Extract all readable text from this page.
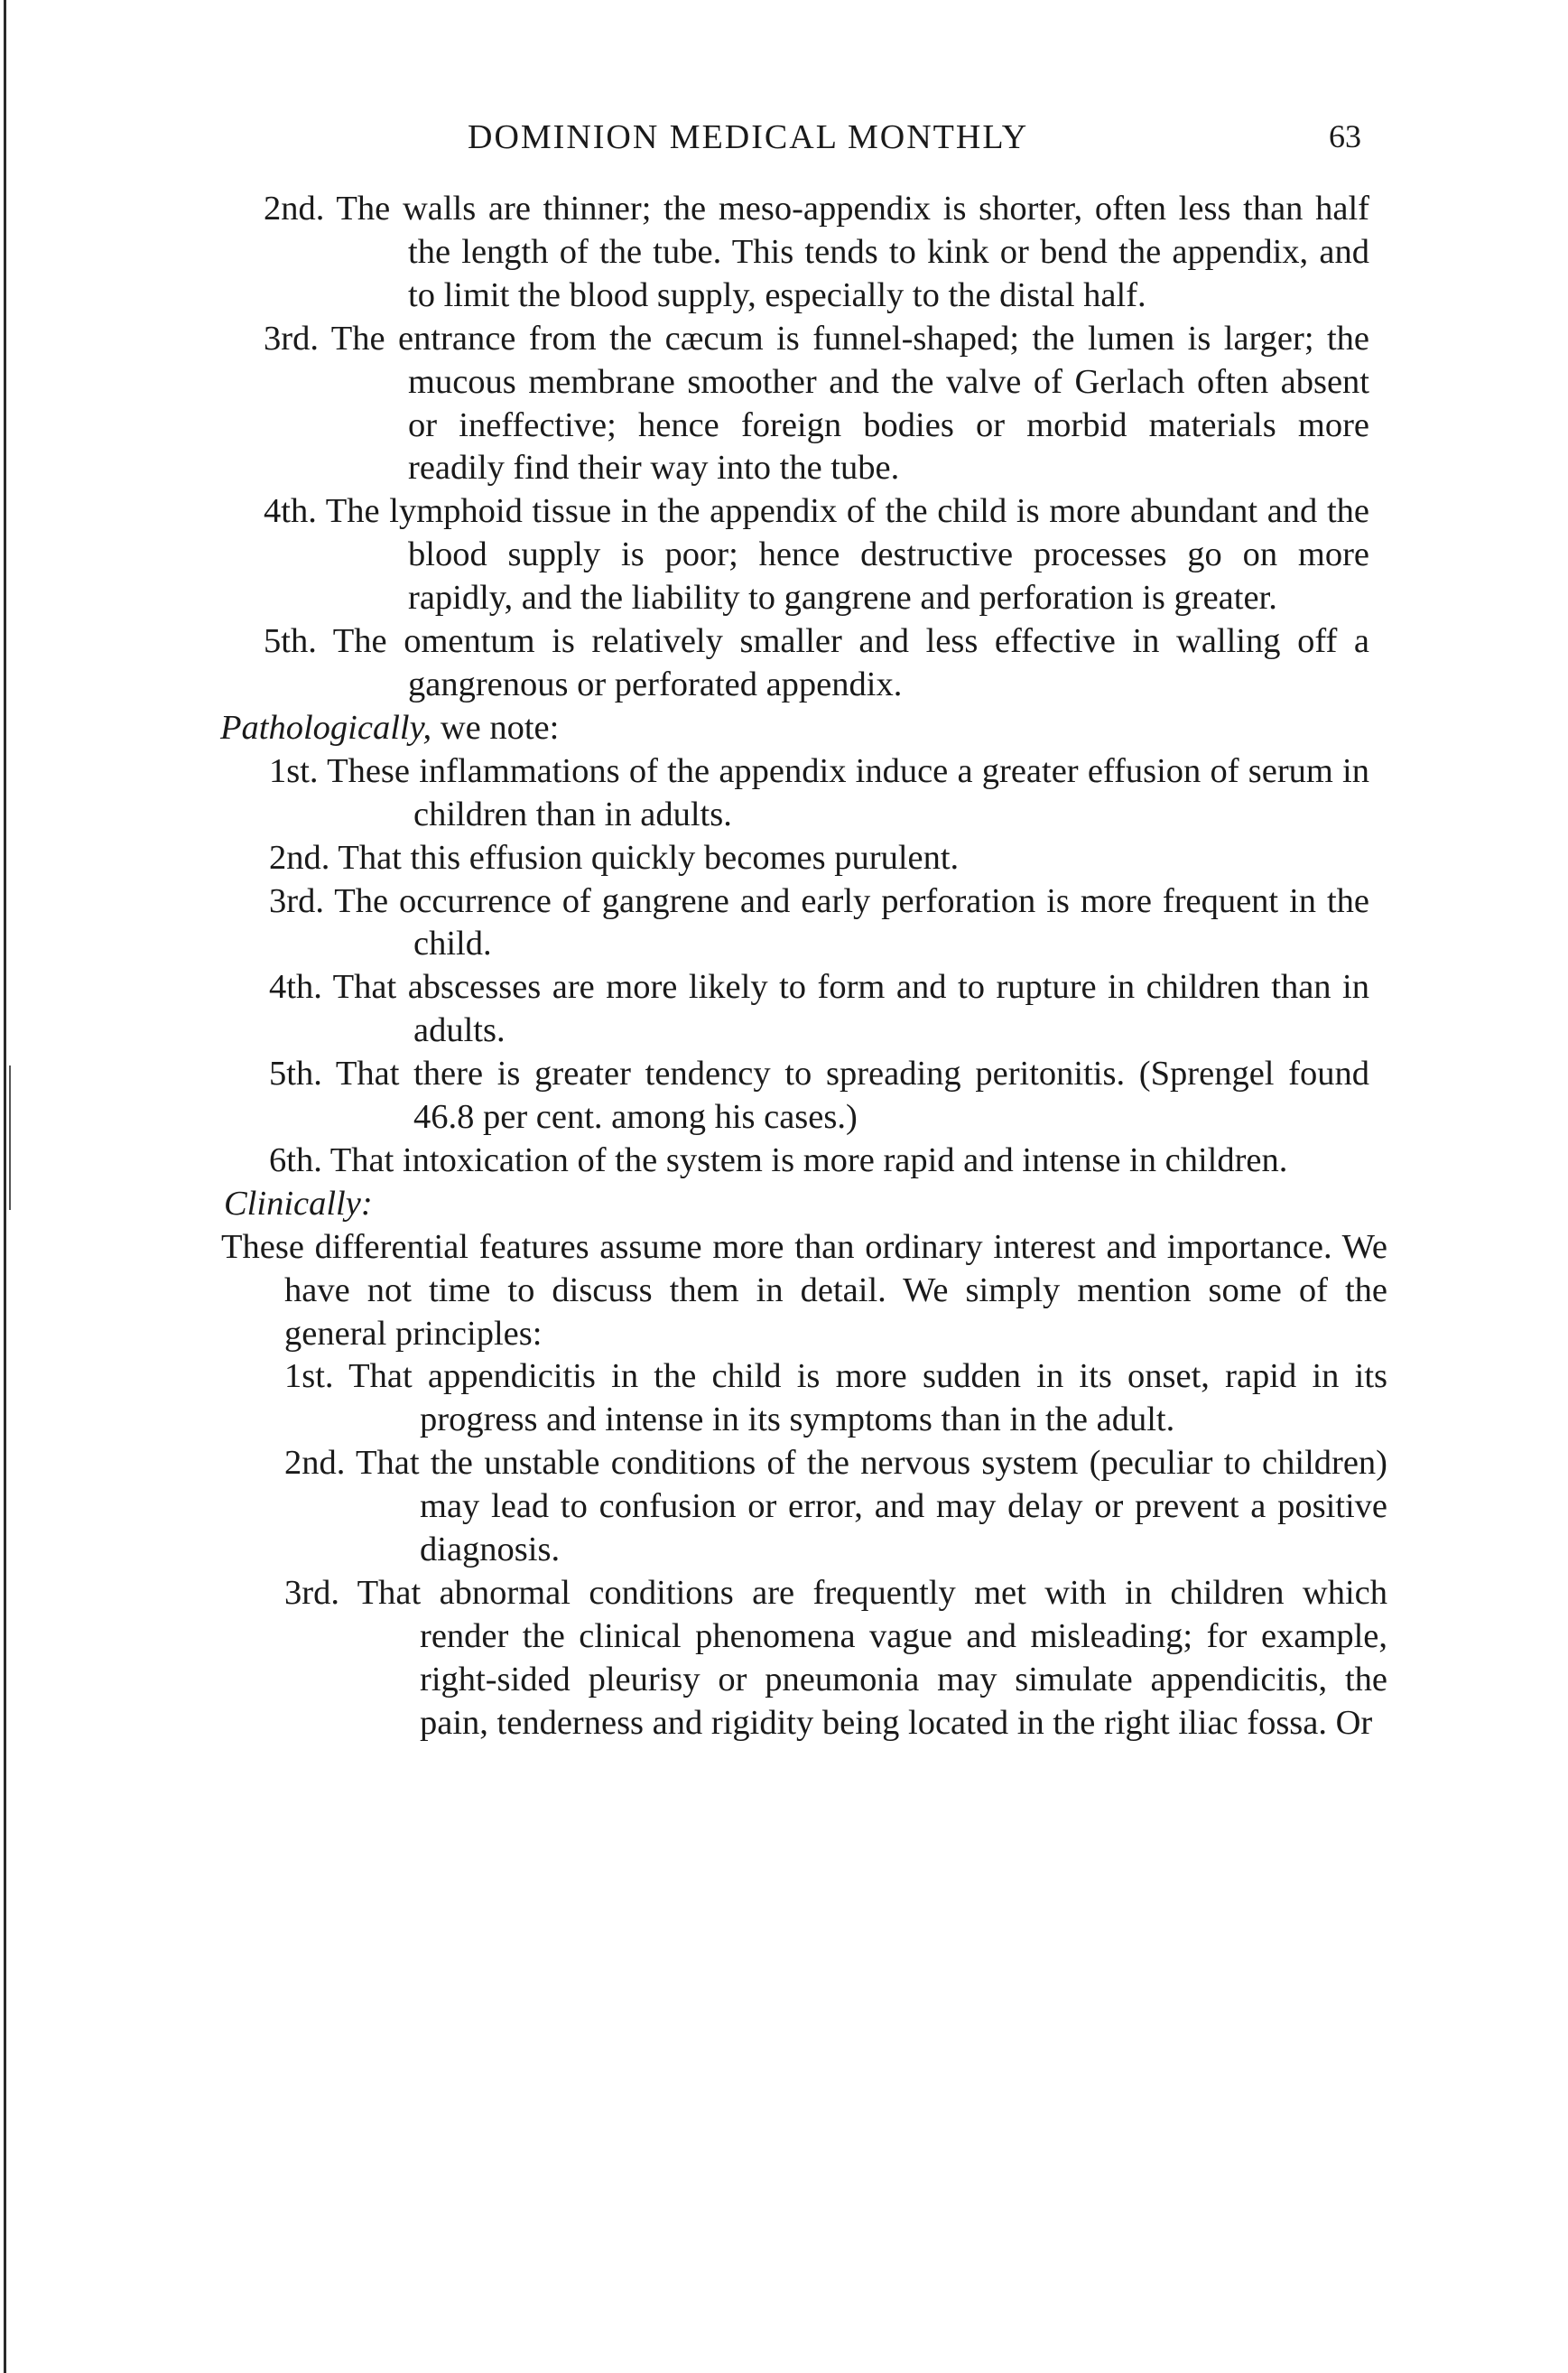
DOMINION MEDICAL MONTHLY	63
2nd. The walls are thinner; the meso-appendix is shorter, often less than half the length of the tube. This tends to kink or bend the appendix, and to limit the blood supply, especially to the distal half.
3rd. The entrance from the cæcum is funnel-shaped; the lumen is larger; the mucous membrane smoother and the valve of Gerlach often absent or ineffective; hence foreign bodies or morbid materials more readily find their way into the tube.
4th. The lymphoid tissue in the appendix of the child is more abundant and the blood supply is poor; hence destructive processes go on more rapidly, and the liability to gangrene and perforation is greater.
5th. The omentum is relatively smaller and less effective in walling off a gangrenous or perforated appendix.
Pathologically, we note:
1st. These inflammations of the appendix induce a greater effusion of serum in children than in adults.
2nd. That this effusion quickly becomes purulent.
3rd. The occurrence of gangrene and early perforation is more frequent in the child.
4th. That abscesses are more likely to form and to rupture in children than in adults.
5th. That there is greater tendency to spreading peritonitis. (Sprengel found 46.8 per cent. among his cases.)
6th. That intoxication of the system is more rapid and intense in children.
Clinically:
These differential features assume more than ordinary interest and importance. We have not time to discuss them in detail. We simply mention some of the general principles:
1st. That appendicitis in the child is more sudden in its onset, rapid in its progress and intense in its symptoms than in the adult.
2nd. That the unstable conditions of the nervous system (peculiar to children) may lead to confusion or error, and may delay or prevent a positive diagnosis.
3rd. That abnormal conditions are frequently met with in children which render the clinical phenomena vague and misleading; for example, right-sided pleurisy or pneumonia may simulate appendicitis, the pain, tenderness and rigidity being located in the right iliac fossa. Or
